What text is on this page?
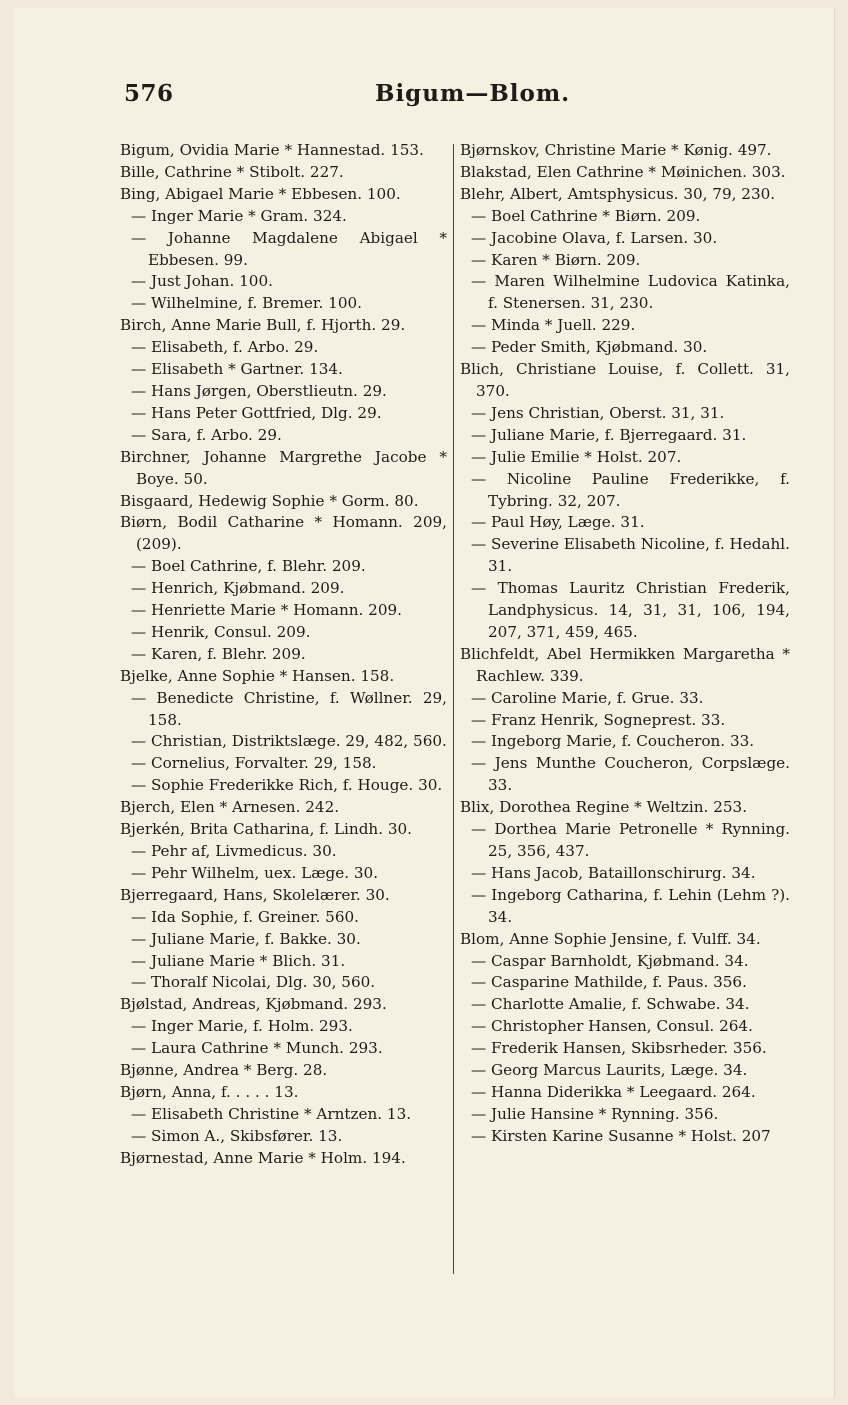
576	Bigum—Blom.
Bigum, Ovidia Marie * Hannestad. 153.
Bille, Cathrine * Stibolt. 227.
Bing, Abigael Marie * Ebbesen. 100.
— Inger Marie * Gram. 324.
— Johanne Magdalene Abigael * Ebbesen. 99.
— Just Johan. 100.
— Wilhelmine, f. Bremer. 100.
Birch, Anne Marie Bull, f. Hjorth. 29.
— Elisabeth, f. Arbo. 29.
— Elisabeth * Gartner. 134.
— Hans Jørgen, Oberstlieutn. 29.
— Hans Peter Gottfried, Dlg. 29.
— Sara, f. Arbo. 29.
Birchner, Johanne Margrethe Jacobe * Boye. 50.
Bisgaard, Hedewig Sophie * Gorm. 80.
Biørn, Bodil Catharine * Homann. 209, (209).
— Boel Cathrine, f. Blehr. 209.
— Henrich, Kjøbmand. 209.
— Henriette Marie * Homann. 209.
— Henrik, Consul. 209.
— Karen, f. Blehr. 209.
Bjelke, Anne Sophie * Hansen. 158.
— Benedicte Christine, f. Wøllner. 29, 158.
— Christian, Distriktslæge. 29, 482, 560.
— Cornelius, Forvalter. 29, 158.
— Sophie Frederikke Rich, f. Houge. 30.
Bjerch, Elen * Arnesen. 242.
Bjerkén, Brita Catharina, f. Lindh. 30.
— Pehr af, Livmedicus. 30.
— Pehr Wilhelm, uex. Læge. 30.
Bjerregaard, Hans, Skolelærer. 30.
— Ida Sophie, f. Greiner. 560.
— Juliane Marie, f. Bakke. 30.
— Juliane Marie * Blich. 31.
— Thoralf Nicolai, Dlg. 30, 560.
Bjølstad, Andreas, Kjøbmand. 293.
— Inger Marie, f. Holm. 293.
— Laura Cathrine * Munch. 293.
Bjønne, Andrea * Berg. 28.
Bjørn, Anna, f. . . . . 13.
— Elisabeth Christine * Arntzen. 13.
— Simon A., Skibsfører. 13.
Bjørnestad, Anne Marie * Holm. 194.
Bjørnskov, Christine Marie * Kønig. 497.
Blakstad, Elen Cathrine * Møinichen. 303.
Blehr, Albert, Amtsphysicus. 30, 79, 230.
— Boel Cathrine * Biørn. 209.
— Jacobine Olava, f. Larsen. 30.
— Karen * Biørn. 209.
— Maren Wilhelmine Ludovica Katinka, f. Stenersen. 31, 230.
— Minda * Juell. 229.
— Peder Smith, Kjøbmand. 30.
Blich, Christiane Louise, f. Collett. 31, 370.
— Jens Christian, Oberst. 31, 31.
— Juliane Marie, f. Bjerregaard. 31.
— Julie Emilie * Holst. 207.
— Nicoline Pauline Frederikke, f. Tybring. 32, 207.
— Paul Høy, Læge. 31.
— Severine Elisabeth Nicoline, f. Hedahl. 31.
— Thomas Lauritz Christian Frederik, Landphysicus. 14, 31, 31, 106, 194, 207, 371, 459, 465.
Blichfeldt, Abel Hermikken Margaretha * Rachlew. 339.
— Caroline Marie, f. Grue. 33.
— Franz Henrik, Sogneprest. 33.
— Ingeborg Marie, f. Coucheron. 33.
— Jens Munthe Coucheron, Corpslæge. 33.
Blix, Dorothea Regine * Weltzin. 253.
— Dorthea Marie Petronelle * Rynning. 25, 356, 437.
— Hans Jacob, Bataillonschirurg. 34.
— Ingeborg Catharina, f. Lehin (Lehm ?). 34.
Blom, Anne Sophie Jensine, f. Vulff. 34.
— Caspar Barnholdt, Kjøbmand. 34.
— Casparine Mathilde, f. Paus. 356.
— Charlotte Amalie, f. Schwabe. 34.
— Christopher Hansen, Consul. 264.
— Frederik Hansen, Skibsrheder. 356.
— Georg Marcus Laurits, Læge. 34.
— Hanna Diderikka * Leegaard. 264.
— Julie Hansine * Rynning. 356.
— Kirsten Karine Susanne * Holst. 207
